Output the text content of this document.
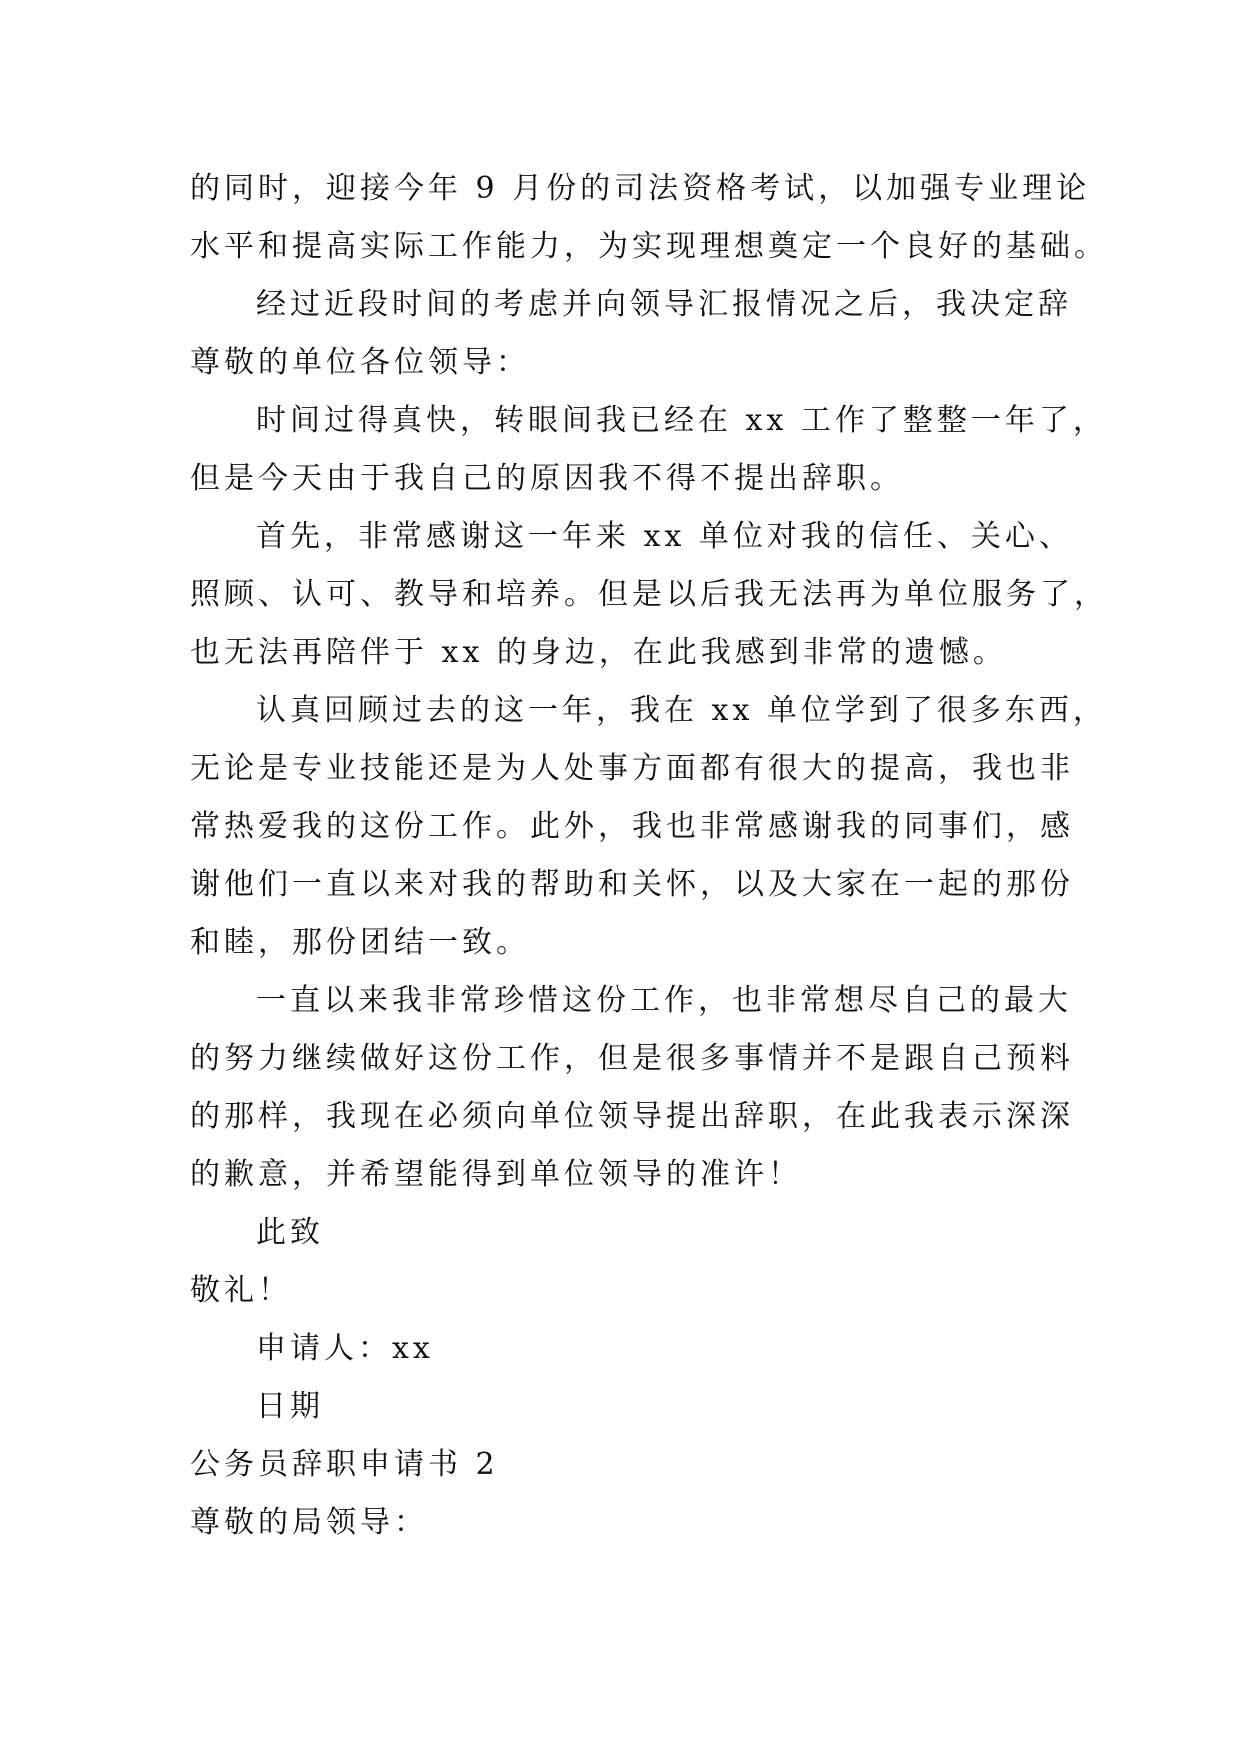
的同时，迎接今年 9 月份的司法资格考试，以加强专业理论
水平和提高实际工作能力，为实现理想奠定一个良好的基础。
经过近段时间的考虑并向领导汇报情况之后，我决定辞
尊敬的单位各位领导：
时间过得真快，转眼间我已经在 xx 工作了整整一年了，
但是今天由于我自己的原因我不得不提出辞职。
首先，非常感谢这一年来 xx 单位对我的信任、关心、
照顾、认可、教导和培养。但是以后我无法再为单位服务了，
也无法再陪伴于 xx 的身边，在此我感到非常的遗憾。
认真回顾过去的这一年，我在 xx 单位学到了很多东西，
无论是专业技能还是为人处事方面都有很大的提高，我也非
常热爱我的这份工作。此外，我也非常感谢我的同事们，感
谢他们一直以来对我的帮助和关怀，以及大家在一起的那份
和睦，那份团结一致。
一直以来我非常珍惜这份工作，也非常想尽自己的最大
的努力继续做好这份工作，但是很多事情并不是跟自己预料
的那样，我现在必须向单位领导提出辞职，在此我表示深深
的歉意，并希望能得到单位领导的准许！
此致
敬礼！
申请人：xx
日期
公务员辞职申请书 2
尊敬的局领导：
